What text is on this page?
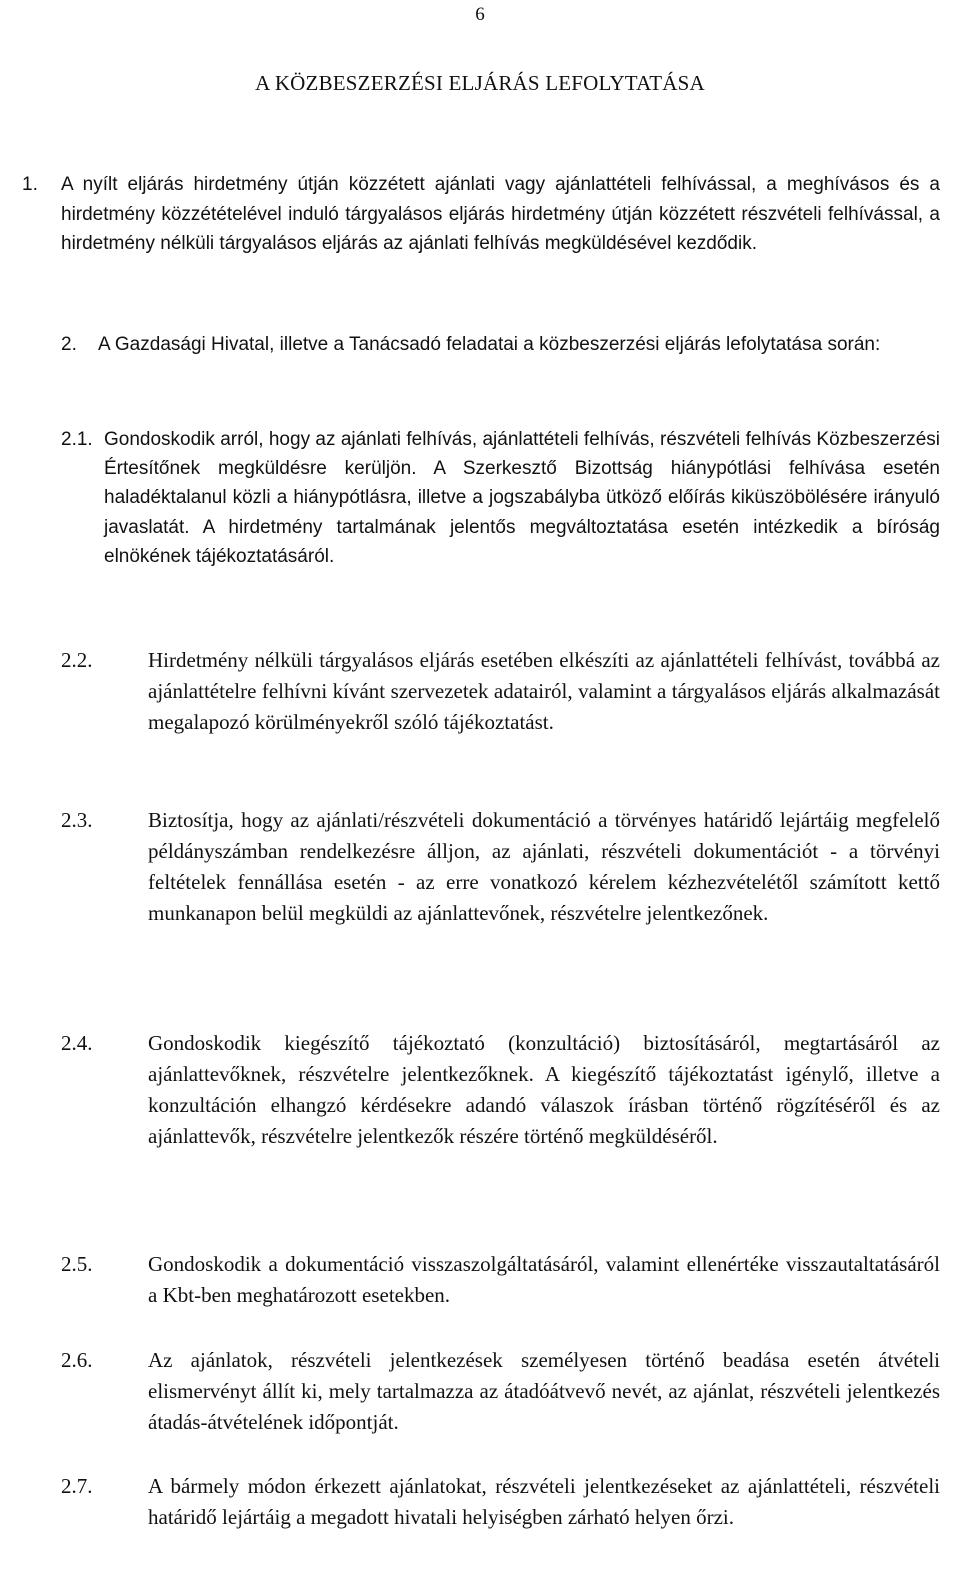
6
A KÖZBESZERZÉSI ELJÁRÁS LEFOLYTATÁSA
1. A nyílt eljárás hirdetmény útján közzétett ajánlati vagy ajánlattételi felhívással, a meghívásos és a hirdetmény közzétételével induló tárgyalásos eljárás hirdetmény útján közzétett részvételi felhívással, a hirdetmény nélküli tárgyalásos eljárás az ajánlati felhívás megküldésével kezdődik.
2.	A Gazdasági Hivatal, illetve a Tanácsadó feladatai a közbeszerzési eljárás lefolytatása során:
2.1. Gondoskodik arról, hogy az ajánlati felhívás, ajánlattételi felhívás, részvételi felhívás Közbeszerzési Értesítőnek megküldésre kerüljön. A Szerkesztő Bizottság hiánypótlási felhívása esetén haladéktalanul közli a hiánypótlásra, illetve a jogszabályba ütköző előírás kiküszöbölésére irányuló javaslatát. A hirdetmény tartalmának jelentős megváltoztatása esetén intézkedik a bíróság elnökének tájékoztatásáról.
2.2.	Hirdetmény nélküli tárgyalásos eljárás esetében elkészíti az ajánlattételi felhívást, továbbá az ajánlattételre felhívni kívánt szervezetek adatairól, valamint a tárgyalásos eljárás alkalmazását megalapozó körülményekről szóló tájékoztatást.
2.3.	Biztosítja, hogy az ajánlati/részvételi dokumentáció a törvényes határidő lejártáig megfelelő példányszámban rendelkezésre álljon, az ajánlati, részvételi dokumentációt - a törvényi feltételek fennállása esetén - az erre vonatkozó kérelem kézhezvételétől számított kettő munkanapon belül megküldi az ajánlattevőnek, részvételre jelentkezőnek.
2.4.	Gondoskodik kiegészítő tájékoztató (konzultáció) biztosításáról, megtartásáról az ajánlattevőknek, részvételre jelentkezőknek. A kiegészítő tájékoztatást igénylő, illetve a konzultáción elhangzó kérdésekre adandó válaszok írásban történő rögzítéséről és az ajánlattevők, részvételre jelentkezők részére történő megküldéséről.
2.5.	Gondoskodik a dokumentáció visszaszolgáltatásáról, valamint ellenértéke visszautaltatásáról a Kbt-ben meghatározott esetekben.
2.6.	Az ajánlatok, részvételi jelentkezések személyesen történő beadása esetén átvételi elismervényt állít ki, mely tartalmazza az átadóátvevő nevét, az ajánlat, részvételi jelentkezés átadás-átvételének időpontját.
2.7.	A bármely módon érkezett ajánlatokat, részvételi jelentkezéseket az ajánlattételi, részvételi határidő lejártáig a megadott hivatali helyiségben zárható helyen őrzi.
